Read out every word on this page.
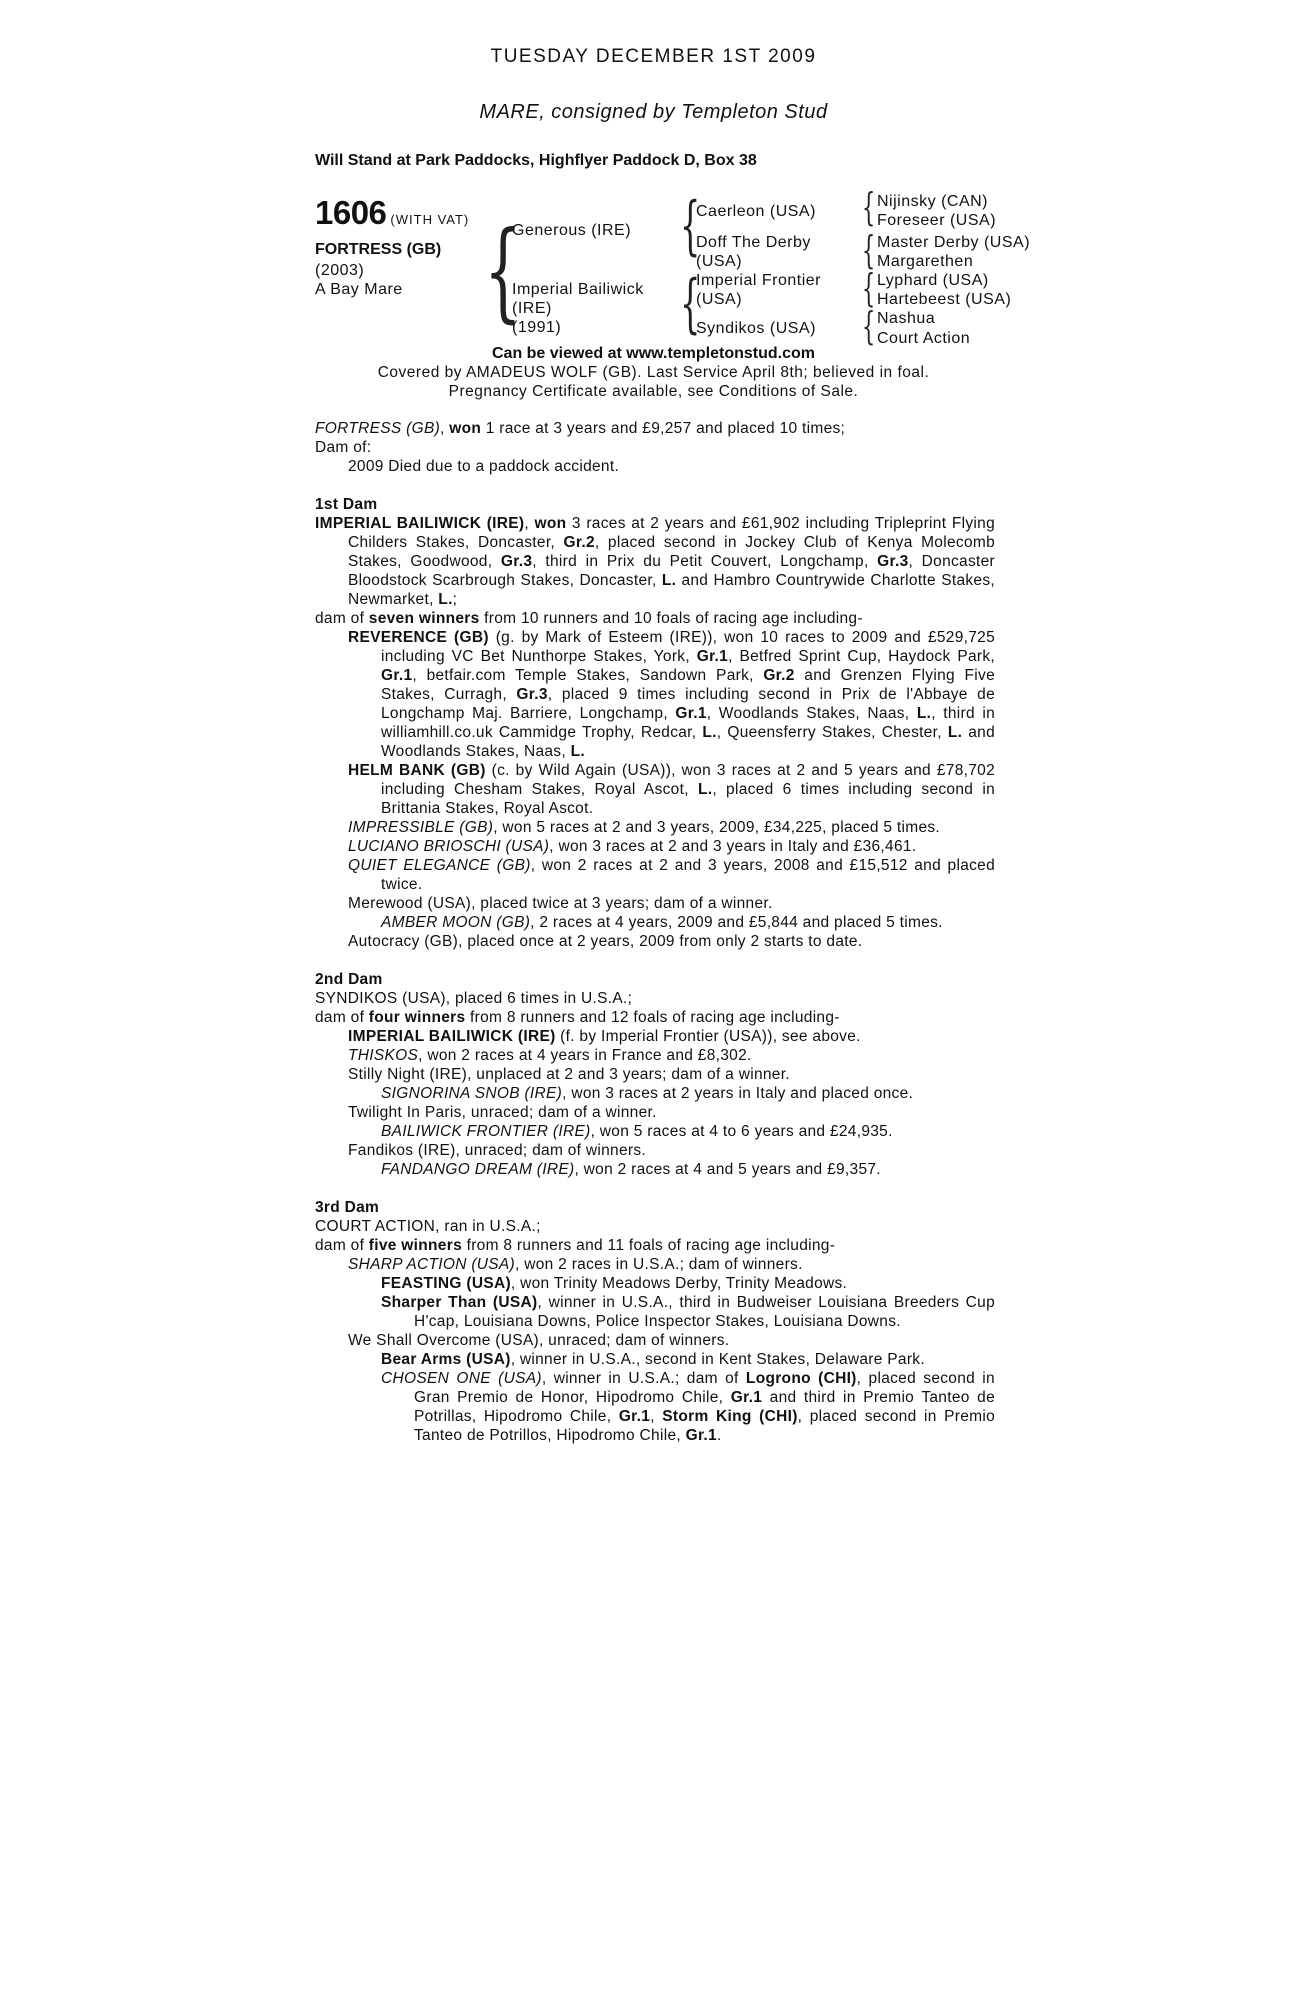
TUESDAY DECEMBER 1ST 2009
MARE, consigned by Templeton Stud
Will Stand at Park Paddocks, Highflyer Paddock D, Box 38
1606 (WITH VAT)
FORTRESS (GB)
(2003)
A Bay Mare {
Generous (IRE)
Imperial Bailiwick
(IRE)
(1991)
{
{
Caerleon (USA)
Doff The Derby
(USA)
Imperial Frontier
(USA)
Syndikos (USA)
{
{
{
{
Nijinsky (CAN)
Foreseer (USA)
Master Derby (USA)
Margarethen
Lyphard (USA)
Hartebeest (USA)
Nashua
Court Action
Can be viewed at www.templetonstud.com
Covered by AMADEUS WOLF (GB). Last Service April 8th; believed in foal.
Pregnancy Certificate available, see Conditions of Sale.

FORTRESS (GB), won 1 race at 3 years and £9,257 and placed 10 times;

Dam of:

2009 Died due to a paddock accident.

1st Dam

IMPERIAL BAILIWICK (IRE), won 3 races at 2 years and £61,902 including Tripleprint Flying Childers Stakes, Doncaster, Gr.2, placed second in Jockey Club of Kenya Molecomb Stakes, Goodwood, Gr.3, third in Prix du Petit Couvert, Longchamp, Gr.3, Doncaster Bloodstock Scarbrough Stakes, Doncaster, L. and Hambro Countrywide Charlotte Stakes, Newmarket, L.;

dam of seven winners from 10 runners and 10 foals of racing age including-

REVERENCE (GB) (g. by Mark of Esteem (IRE)), won 10 races to 2009 and £529,725 including VC Bet Nunthorpe Stakes, York, Gr.1, Betfred Sprint Cup, Haydock Park, Gr.1, betfair.com Temple Stakes, Sandown Park, Gr.2 and Grenzen Flying Five Stakes, Curragh, Gr.3, placed 9 times including second in Prix de l'Abbaye de Longchamp Maj. Barriere, Longchamp, Gr.1, Woodlands Stakes, Naas, L., third in williamhill.co.uk Cammidge Trophy, Redcar, L., Queensferry Stakes, Chester, L. and Woodlands Stakes, Naas, L.

HELM BANK (GB) (c. by Wild Again (USA)), won 3 races at 2 and 5 years and £78,702 including Chesham Stakes, Royal Ascot, L., placed 6 times including second in Brittania Stakes, Royal Ascot.

IMPRESSIBLE (GB), won 5 races at 2 and 3 years, 2009, £34,225, placed 5 times.

LUCIANO BRIOSCHI (USA), won 3 races at 2 and 3 years in Italy and £36,461.

QUIET ELEGANCE (GB), won 2 races at 2 and 3 years, 2008 and £15,512 and placed twice.

Merewood (USA), placed twice at 3 years; dam of a winner.

AMBER MOON (GB), 2 races at 4 years, 2009 and £5,844 and placed 5 times.

Autocracy (GB), placed once at 2 years, 2009 from only 2 starts to date.

2nd Dam

SYNDIKOS (USA), placed 6 times in U.S.A.;

dam of four winners from 8 runners and 12 foals of racing age including-

IMPERIAL BAILIWICK (IRE) (f. by Imperial Frontier (USA)), see above.

THISKOS, won 2 races at 4 years in France and £8,302.

Stilly Night (IRE), unplaced at 2 and 3 years; dam of a winner.

SIGNORINA SNOB (IRE), won 3 races at 2 years in Italy and placed once.

Twilight In Paris, unraced; dam of a winner.

BAILIWICK FRONTIER (IRE), won 5 races at 4 to 6 years and £24,935.

Fandikos (IRE), unraced; dam of winners.

FANDANGO DREAM (IRE), won 2 races at 4 and 5 years and £9,357.

3rd Dam

COURT ACTION, ran in U.S.A.;

dam of five winners from 8 runners and 11 foals of racing age including-

SHARP ACTION (USA), won 2 races in U.S.A.; dam of winners.

FEASTING (USA), won Trinity Meadows Derby, Trinity Meadows.

Sharper Than (USA), winner in U.S.A., third in Budweiser Louisiana Breeders Cup H'cap, Louisiana Downs, Police Inspector Stakes, Louisiana Downs.

We Shall Overcome (USA), unraced; dam of winners.

Bear Arms (USA), winner in U.S.A., second in Kent Stakes, Delaware Park.

CHOSEN ONE (USA), winner in U.S.A.; dam of Logrono (CHI), placed second in Gran Premio de Honor, Hipodromo Chile, Gr.1 and third in Premio Tanteo de Potrillas, Hipodromo Chile, Gr.1, Storm King (CHI), placed second in Premio Tanteo de Potrillos, Hipodromo Chile, Gr.1.
